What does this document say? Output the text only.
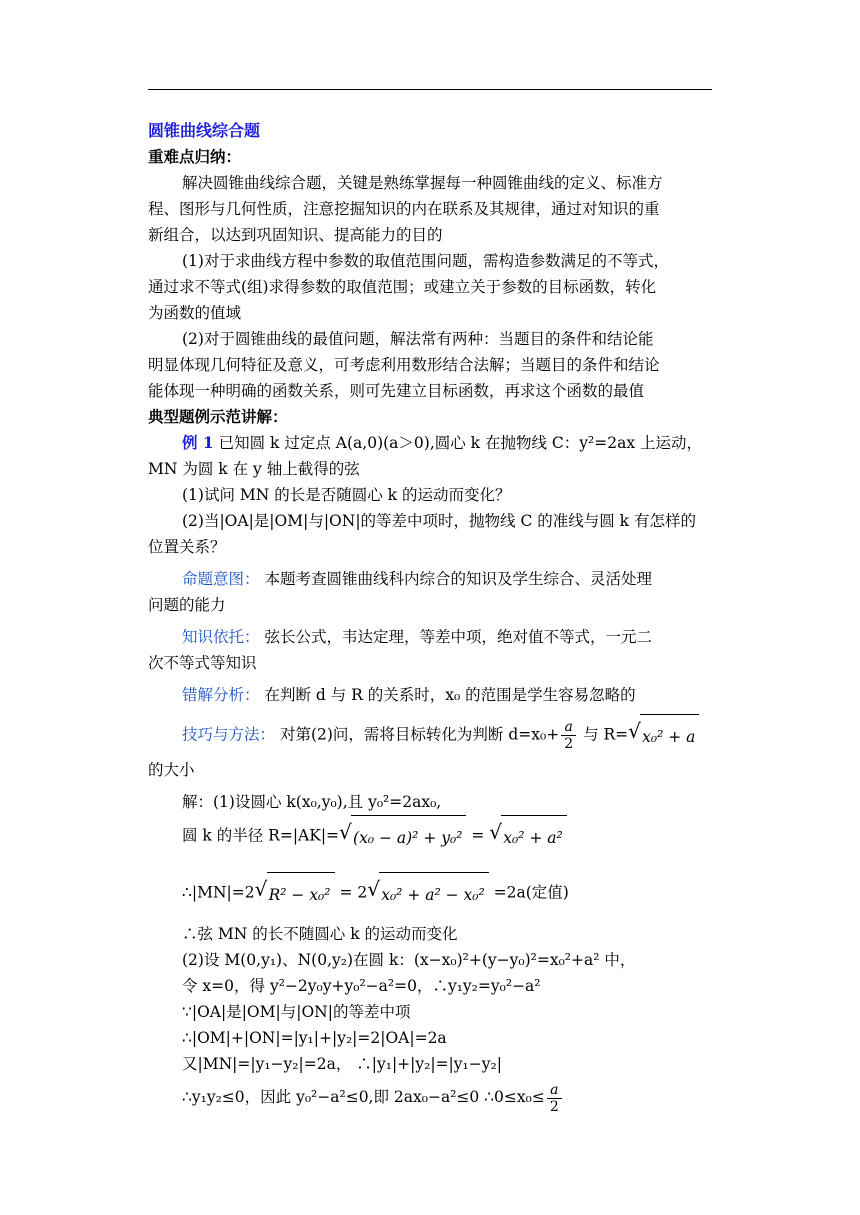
圆锥曲线综合题
重难点归纳：
解决圆锥曲线综合题，关键是熟练掌握每一种圆锥曲线的定义、标准方
程、图形与几何性质，注意挖掘知识的内在联系及其规律，通过对知识的重
新组合，以达到巩固知识、提高能力的目的
(1)对于求曲线方程中参数的取值范围问题，需构造参数满足的不等式，
通过求不等式(组)求得参数的取值范围；或建立关于参数的目标函数，转化
为函数的值域
(2)对于圆锥曲线的最值问题，解法常有两种：当题目的条件和结论能
明显体现几何特征及意义，可考虑利用数形结合法解；当题目的条件和结论
能体现一种明确的函数关系，则可先建立目标函数，再求这个函数的最值
典型题例示范讲解：
例 1 已知圆 k 过定点 A(a,0)(a＞0),圆心 k 在抛物线 C：y²=2ax 上运动，
MN 为圆 k 在 y 轴上截得的弦
(1)试问 MN 的长是否随圆心 k 的运动而变化？
(2)当|OA|是|OM|与|ON|的等差中项时，抛物线 C 的准线与圆 k 有怎样的
位置关系？
命题意图： 本题考查圆锥曲线科内综合的知识及学生综合、灵活处理
问题的能力
知识依托： 弦长公式，韦达定理，等差中项，绝对值不等式，一元二
次不等式等知识
错解分析： 在判断 d 与 R 的关系时，x₀ 的范围是学生容易忽略的
技巧与方法： 对第(2)问，需将目标转化为判断 $d=x_0+ \frac{a}{2}$ 与 R= √ x₀² + a
的大小
解：(1)设圆心 k(x₀,y₀),且 y₀²=2ax₀,
圆 k 的半径 R=|AK|= √ (x₀ − a)² + y₀² = √ x₀² + a²
∴|MN|=2 √ R² − x₀² = 2 √ x₀² + a² − x₀² =2a(定值)
∴弦 MN 的长不随圆心 k 的运动而变化
(2)设 M(0,y₁)、N(0,y₂)在圆 k：(x−x₀)²+(y−y₀)²=x₀²+a² 中，
令 x=0，得 y²−2y₀y+y₀²−a²=0，∴y₁y₂=y₀²−a²
∵|OA|是|OM|与|ON|的等差中项
∴|OM|+|ON|=|y₁|+|y₂|=2|OA|=2a
又|MN|=|y₁−y₂|=2a， ∴|y₁|+|y₂|=|y₁−y₂|
∴y₁y₂≤0，因此 y₀²−a²≤0,即 2ax₀−a²≤0 ∴0≤x₀≤ $\frac{a}{2}$
